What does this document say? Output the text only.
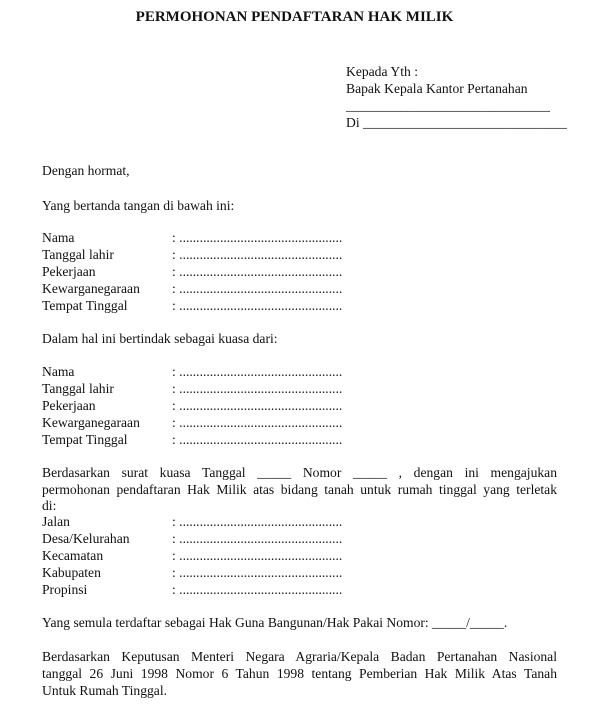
PERMOHONAN PENDAFTARAN HAK MILIK
Kepada Yth :
Bapak Kepala Kantor Pertanahan
______________________________
Di ______________________________
Dengan hormat,
Yang bertanda tangan di bawah ini:
Nama	: ................................................
Tanggal lahir	: ................................................
Pekerjaan	: ................................................
Kewarganegaraan : ................................................
Tempat Tinggal	: ................................................
Dalam hal ini bertindak sebagai kuasa dari:
Nama	: ................................................
Tanggal lahir	: ................................................
Pekerjaan	: ................................................
Kewarganegaraan : ................................................
Tempat Tinggal	: ................................................
Berdasarkan surat kuasa Tanggal _____ Nomor _____ , dengan ini mengajukan
permohonan pendaftaran Hak Milik atas bidang tanah untuk rumah tinggal yang terletak
di:
Jalan	: ................................................
Desa/Kelurahan	: ................................................
Kecamatan	: ................................................
Kabupaten	: ................................................
Propinsi	: ................................................
Yang semula terdaftar sebagai Hak Guna Bangunan/Hak Pakai Nomor: _____/_____.
Berdasarkan Keputusan Menteri Negara Agraria/Kepala Badan Pertanahan Nasional
tanggal 26 Juni 1998 Nomor 6 Tahun 1998 tentang Pemberian Hak Milik Atas Tanah
Untuk Rumah Tinggal.
